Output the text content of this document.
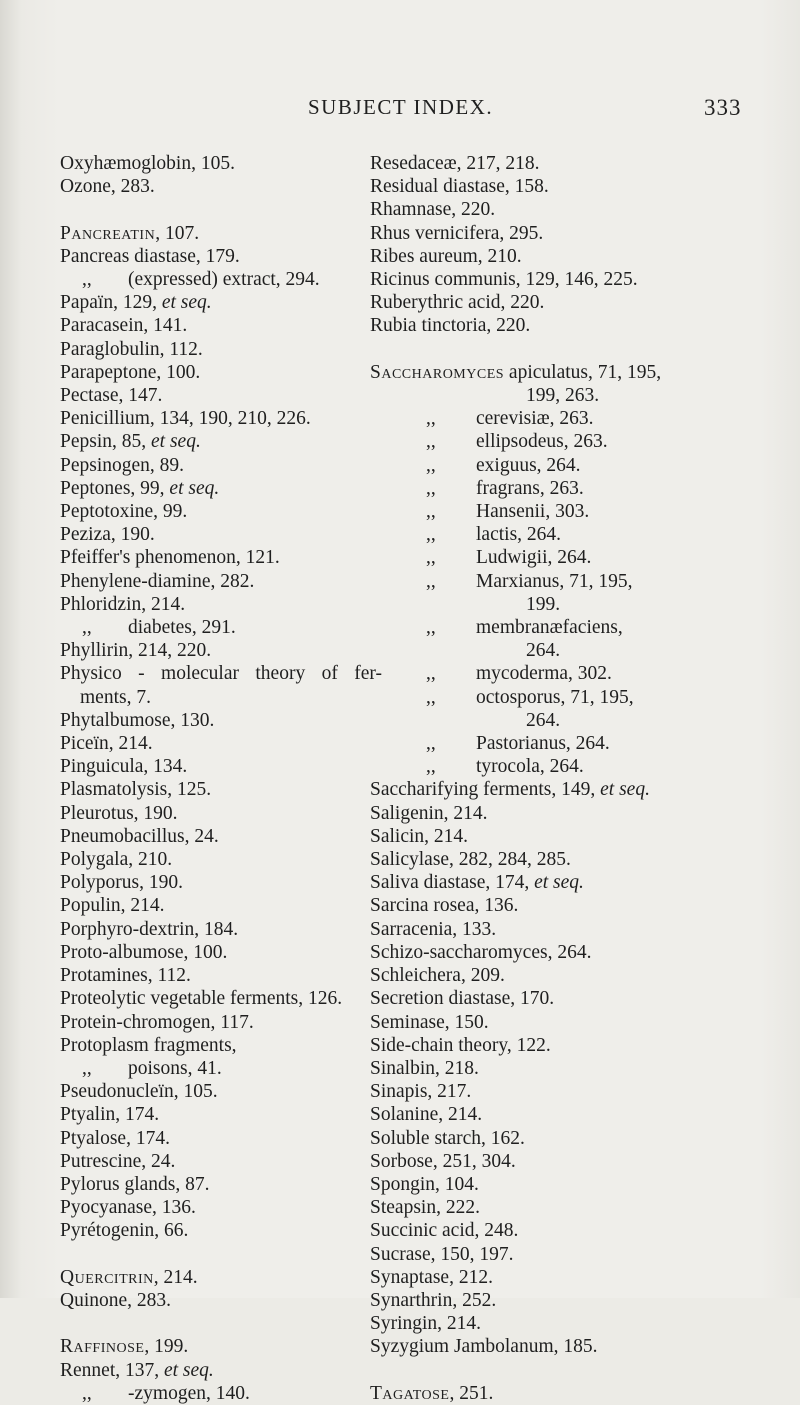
SUBJECT INDEX.	333
Oxyhæmoglobin, 105.
Ozone, 283.
Pancreatin, 107.
Pancreas diastase, 179.
,, (expressed) extract, 294.
Papaïn, 129, et seq.
Paracasein, 141.
Paraglobulin, 112.
Parapeptone, 100.
Pectase, 147.
Penicillium, 134, 190, 210, 226.
Pepsin, 85, et seq.
Pepsinogen, 89.
Peptones, 99, et seq.
Peptotoxine, 99.
Peziza, 190.
Pfeiffer's phenomenon, 121.
Phenylene-diamine, 282.
Phloridzin, 214.
,, diabetes, 291.
Phyllirin, 214, 220.
Physico - molecular theory of fer-
ments, 7.
Phytalbumose, 130.
Piceïn, 214.
Pinguicula, 134.
Plasmatolysis, 125.
Pleurotus, 190.
Pneumobacillus, 24.
Polygala, 210.
Polyporus, 190.
Populin, 214.
Porphyro-dextrin, 184.
Proto-albumose, 100.
Protamines, 112.
Proteolytic vegetable ferments, 126.
Protein-chromogen, 117.
Protoplasm fragments,
,, poisons, 41.
Pseudonucleïn, 105.
Ptyalin, 174.
Ptyalose, 174.
Putrescine, 24.
Pylorus glands, 87.
Pyocyanase, 136.
Pyrétogenin, 66.
Quercitrin, 214.
Quinone, 283.
Raffinose, 199.
Rennet, 137, et seq.
,, -zymogen, 140.
Resedaceæ, 217, 218.
Residual diastase, 158.
Rhamnase, 220.
Rhus vernicifera, 295.
Ribes aureum, 210.
Ricinus communis, 129, 146, 225.
Ruberythric acid, 220.
Rubia tinctoria, 220.
Saccharomyces apiculatus, 71, 195,
199, 263.
,, cerevisiæ, 263.
,, ellipsodeus, 263.
,, exiguus, 264.
,, fragrans, 263.
,, Hansenii, 303.
,, lactis, 264.
,, Ludwigii, 264.
,, Marxianus, 71, 195,
199.
,, membranæfaciens,
264.
,, mycoderma, 302.
,, octosporus, 71, 195,
264.
,, Pastorianus, 264.
,, tyrocola, 264.
Saccharifying ferments, 149, et seq.
Saligenin, 214.
Salicin, 214.
Salicylase, 282, 284, 285.
Saliva diastase, 174, et seq.
Sarcina rosea, 136.
Sarracenia, 133.
Schizo-saccharomyces, 264.
Schleichera, 209.
Secretion diastase, 170.
Seminase, 150.
Side-chain theory, 122.
Sinalbin, 218.
Sinapis, 217.
Solanine, 214.
Soluble starch, 162.
Sorbose, 251, 304.
Spongin, 104.
Steapsin, 222.
Succinic acid, 248.
Sucrase, 150, 197.
Synaptase, 212.
Synarthrin, 252.
Syringin, 214.
Syzygium Jambolanum, 185.
Tagatose, 251.
